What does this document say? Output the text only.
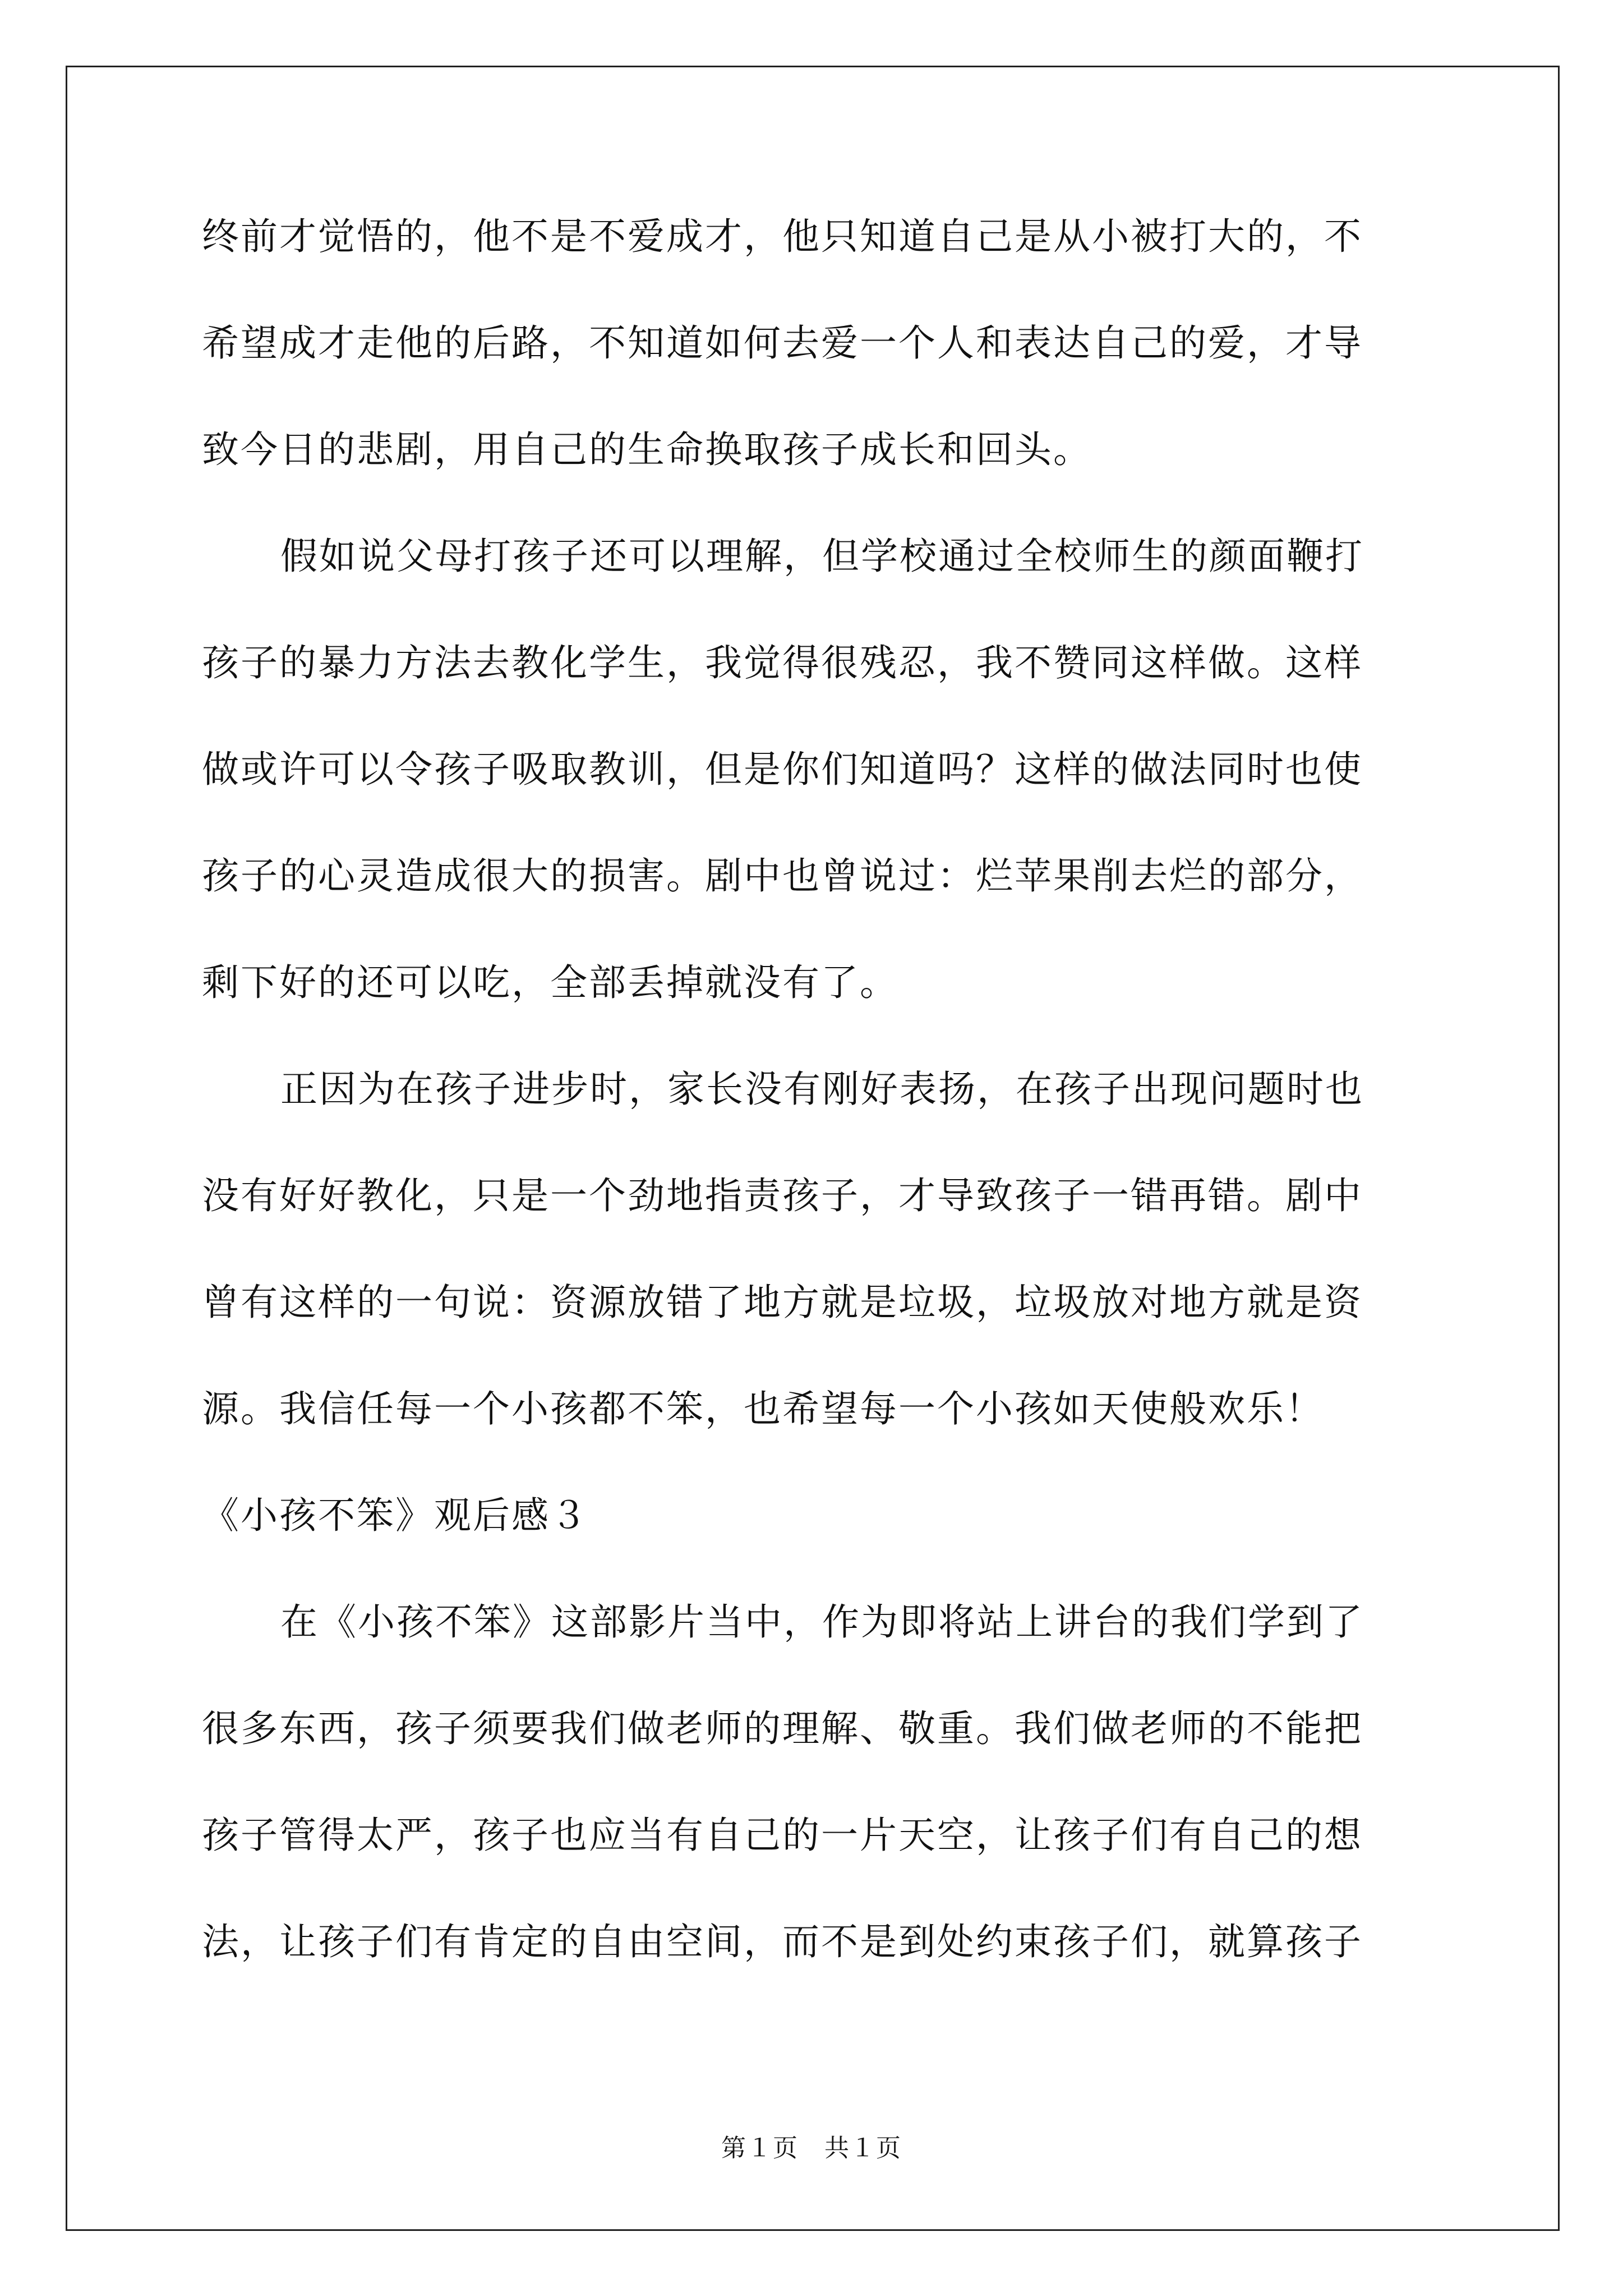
终前才觉悟的，他不是不爱成才，他只知道自己是从小被打大的，不
希望成才走他的后路，不知道如何去爱一个人和表达自己的爱，才导
致今日的悲剧，用自己的生命换取孩子成长和回头。
假如说父母打孩子还可以理解，但学校通过全校师生的颜面鞭打
孩子的暴力方法去教化学生，我觉得很残忍，我不赞同这样做。这样
做或许可以令孩子吸取教训，但是你们知道吗？这样的做法同时也使
孩子的心灵造成很大的损害。剧中也曾说过：烂苹果削去烂的部分，
剩下好的还可以吃，全部丢掉就没有了。
正因为在孩子进步时，家长没有刚好表扬，在孩子出现问题时也
没有好好教化，只是一个劲地指责孩子，才导致孩子一错再错。剧中
曾有这样的一句说：资源放错了地方就是垃圾，垃圾放对地方就是资
源。我信任每一个小孩都不笨，也希望每一个小孩如天使般欢乐！
《小孩不笨》观后感３
在《小孩不笨》这部影片当中，作为即将站上讲台的我们学到了
很多东西，孩子须要我们做老师的理解、敬重。我们做老师的不能把
孩子管得太严，孩子也应当有自己的一片天空，让孩子们有自己的想
法，让孩子们有肯定的自由空间，而不是到处约束孩子们，就算孩子
第１页　共１页
